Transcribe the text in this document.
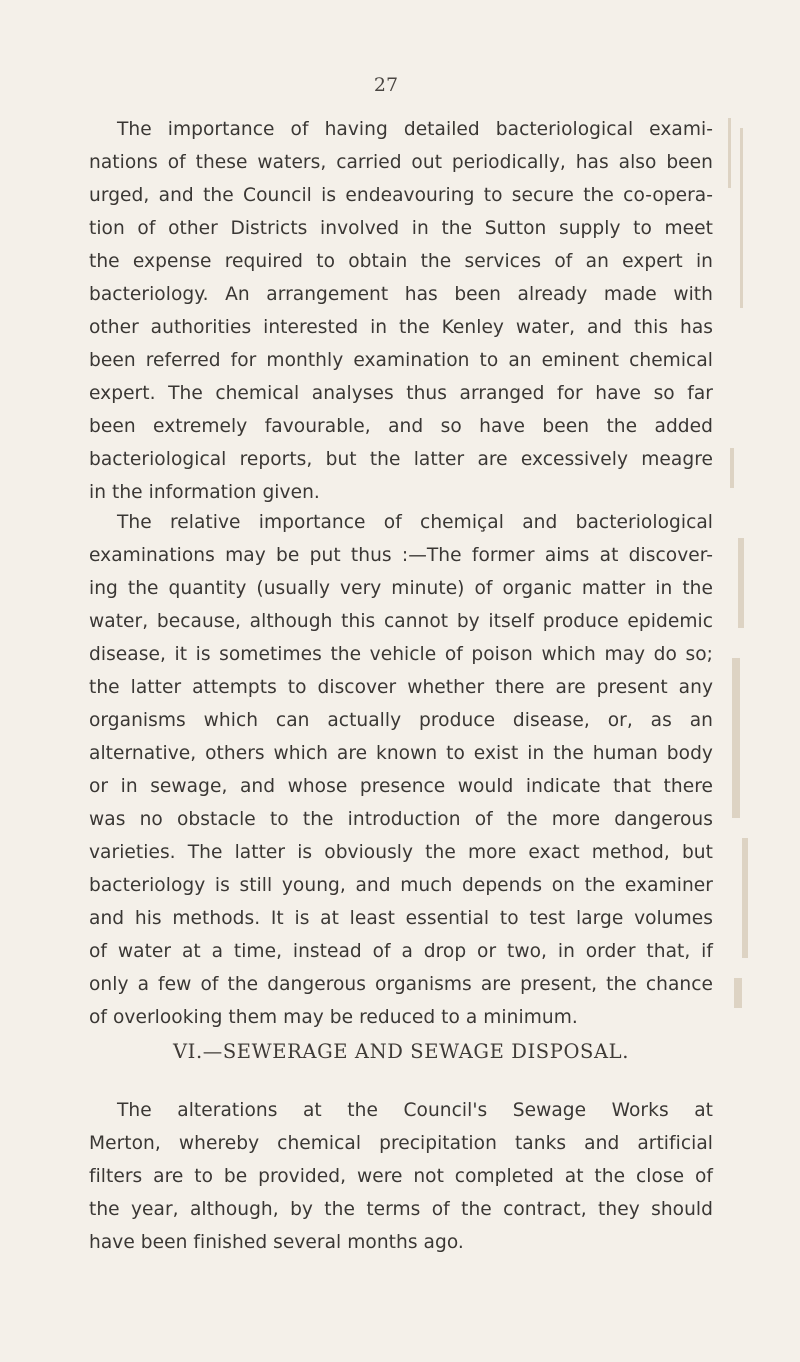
27
The importance of having detailed bacteriological exami-
nations of these waters, carried out periodically, has also been
urged, and the Council is endeavouring to secure the co-opera-
tion of other Districts involved in the Sutton supply to meet
the expense required to obtain the services of an expert in
bacteriology. An arrangement has been already made with
other authorities interested in the Kenley water, and this has
been referred for monthly examination to an eminent chemical
expert. The chemical analyses thus arranged for have so far
been extremely favourable, and so have been the added
bacteriological reports, but the latter are excessively meagre
in the information given.
The relative importance of chemiçal and bacteriological
examinations may be put thus :—The former aims at discover-
ing the quantity (usually very minute) of organic matter in the
water, because, although this cannot by itself produce epidemic
disease, it is sometimes the vehicle of poison which may do so;
the latter attempts to discover whether there are present any
organisms which can actually produce disease, or, as an
alternative, others which are known to exist in the human body
or in sewage, and whose presence would indicate that there
was no obstacle to the introduction of the more dangerous
varieties. The latter is obviously the more exact method, but
bacteriology is still young, and much depends on the examiner
and his methods. It is at least essential to test large volumes
of water at a time, instead of a drop or two, in order that, if
only a few of the dangerous organisms are present, the chance
of overlooking them may be reduced to a minimum.
VI.—SEWERAGE AND SEWAGE DISPOSAL.
The alterations at the Council's Sewage Works at
Merton, whereby chemical precipitation tanks and artificial
filters are to be provided, were not completed at the close of
the year, although, by the terms of the contract, they should
have been finished several months ago.
